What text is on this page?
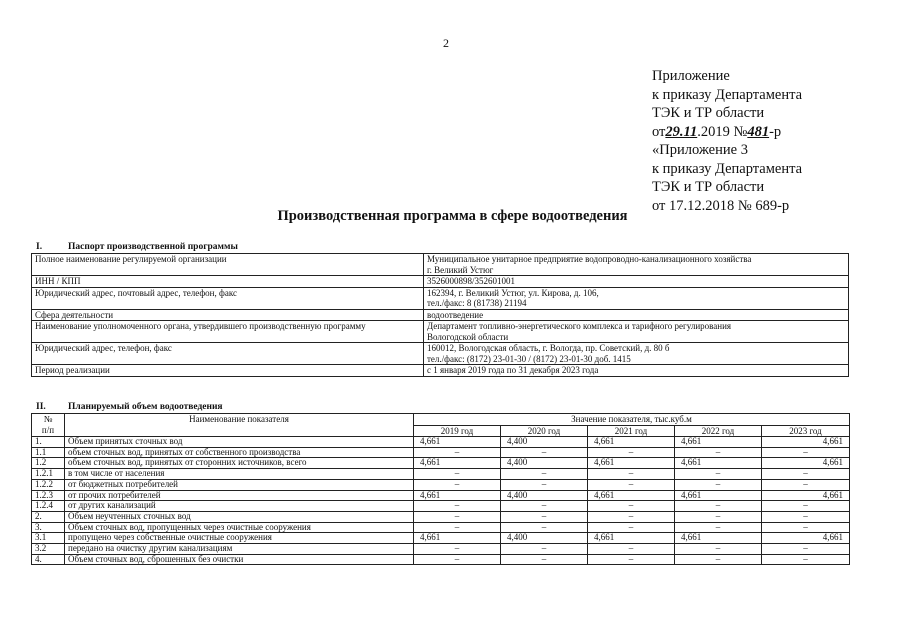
2
Приложение
к приказу Департамента
ТЭК и ТР области
от29.11.2019 №481-р
«Приложение 3
к приказу Департамента
ТЭК и ТР области
от 17.12.2018 № 689-р
Производственная программа в сфере водоотведения
I.	Паспорт производственной программы
Полное наименование регулируемой организации	Муниципальное унитарное предприятие водопроводно-канализационного хозяйства
г. Великий Устюг
ИНН / КПП	3526000898/352601001
Юридический адрес, почтовый адрес, телефон, факс	162394, г. Великий Устюг, ул. Кирова, д. 106,
тел./факс: 8 (81738) 21194
Сфера деятельности	водоотведение
Наименование уполномоченного органа, утвердившего производственную программу	Департамент топливно-энергетического комплекса и тарифного регулирования
Вологодской области
Юридический адрес, телефон, факс	160012, Вологодская область, г. Вологда, пр. Советский, д. 80 б
тел./факс: (8172) 23-01-30 / (8172) 23-01-30 доб. 1415
Период реализации	с 1 января 2019 года по 31 декабря 2023 года
II. Планируемый объем водоотведения
№
п/п	Наименование показателя	Значение показателя, тыс.куб.м				
		2019 год	2020 год	2021 год	2022 год	2023 год
1.	Объем принятых сточных вод	4,661	4,400	4,661	4,661	4,661
1.1	объем сточных вод, принятых от собственного производства	–	–	–	–	–
1.2	объем сточных вод, принятых от сторонних источников, всего	4,661	4,400	4,661	4,661	4,661
1.2.1	в том числе от населения	–	–	–	–	–
1.2.2	от бюджетных потребителей	–	–	–	–	–
1.2.3	от прочих потребителей	4,661	4,400	4,661	4,661	4,661
1.2.4	от других канализаций	–	–	–	–	–
2.	Объем неучтенных сточных вод	–	–	–	–	–
3.	Объем сточных вод, пропущенных через очистные сооружения	–	–	–	–	–
3.1	пропущено через собственные очистные сооружения	4,661	4,400	4,661	4,661	4,661
3.2	передано на очистку другим канализациям	–	–	–	–	–
4.	Объем сточных вод, сброшенных без очистки	–	–	–	–	–
